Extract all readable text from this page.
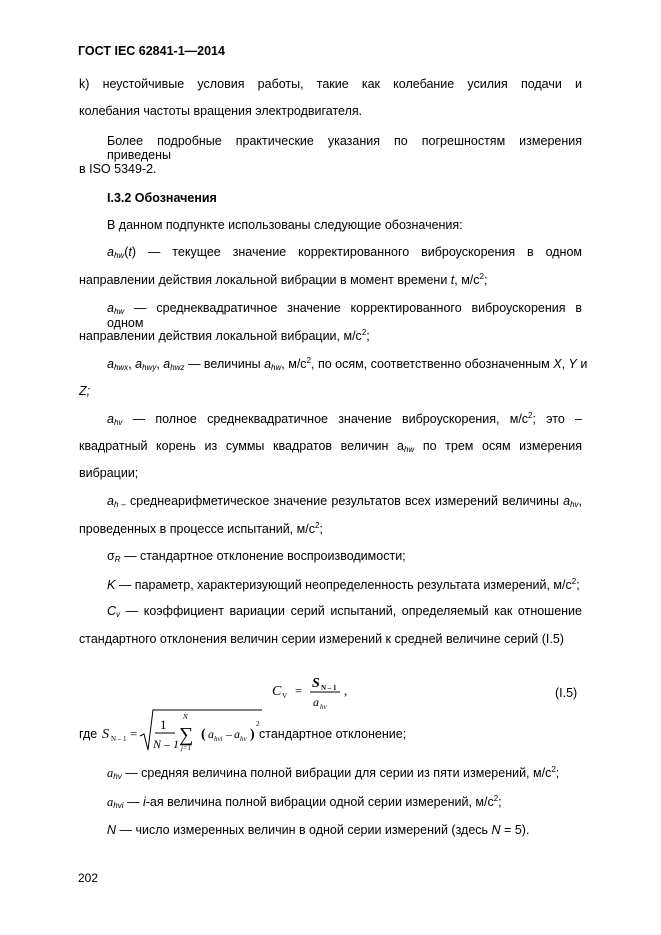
ГОСТ IEC 62841-1—2014
k) неустойчивые условия работы, такие как колебание усилия подачи и
колебания частоты вращения электродвигателя.
Более подробные практические указания по погрешностям измерения приведены
в ISO 5349-2.
I.3.2 Обозначения
В данном подпункте использованы следующие обозначения:
$a_{hw}(t)$ — текущее значение корректированного виброускорения в одном
направлении действия локальной вибрации в момент времени t, $м/с^2$;
$a_{hw}$ — среднеквадратичное значение корректированного виброускорения в одном
направлении действия локальной вибрации, $м/с^2$;
$a_{hwx}$, $a_{hwy}$, $a_{hwz}$ — величины $a_{hw}$, $м/с^2$, по осям, соответственно обозначенным X, Y и
Z;
$a_{hv}$ — полное среднеквадратичное значение виброускорения, $м/с^2$; это –
квадратный корень из суммы квадратов величин $a_{hw}$ по трем осям измерения
вибрации;
$a_{h -}$ среднеарифметическое значение результатов всех измерений величины $a_{hv}$,
проведенных в процессе испытаний, $м/с^2$;
$\sigma_R$ — стандартное отклонение воспроизводимости;
K — параметр, характеризующий неопределенность результата измерений, $м/с^2$;
$C_v$ — коэффициент вариации серий испытаний, определяемый как отношение
стандартного отклонения величин серии измерений к средней величине серий (I.5)
C V = S N – 1
a hv
,	(I.5)
где S N – 1 =
1
N – 1
N
∑
j=1
( a hvi – a hv )
2
стандартное отклонение;
$a_{hv}$ — средняя величина полной вибрации для серии из пяти измерений, $м/с^2$;
$a_{hvi}$ — i-ая величина полной вибрации одной серии измерений, $м/с^2$;
N — число измеренных величин в одной серии измерений (здесь N = 5).
202
